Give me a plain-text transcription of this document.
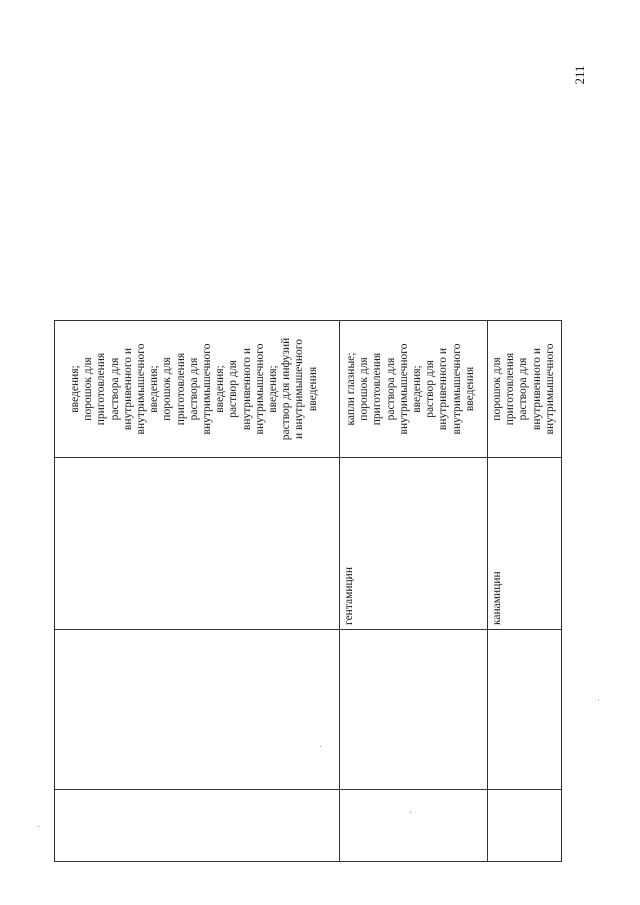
211
введения;
порошок для
приготовления
раствора для
внутривенного и
внутримышечного
введения;
порошок для
приготовления
раствора для
внутримышечного
введения;
раствор для
внутривенного и
внутримышечного
введения;
раствор для инфузий
и внутримышечного
введения
гентамицин
капли глазные;
порошок для
приготовления
раствора для
внутримышечного
введения;
раствор для
внутривенного и
внутримышечного
введения
канамицин
порошок для
приготовления
раствора для
внутривенного и
внутримышечного
